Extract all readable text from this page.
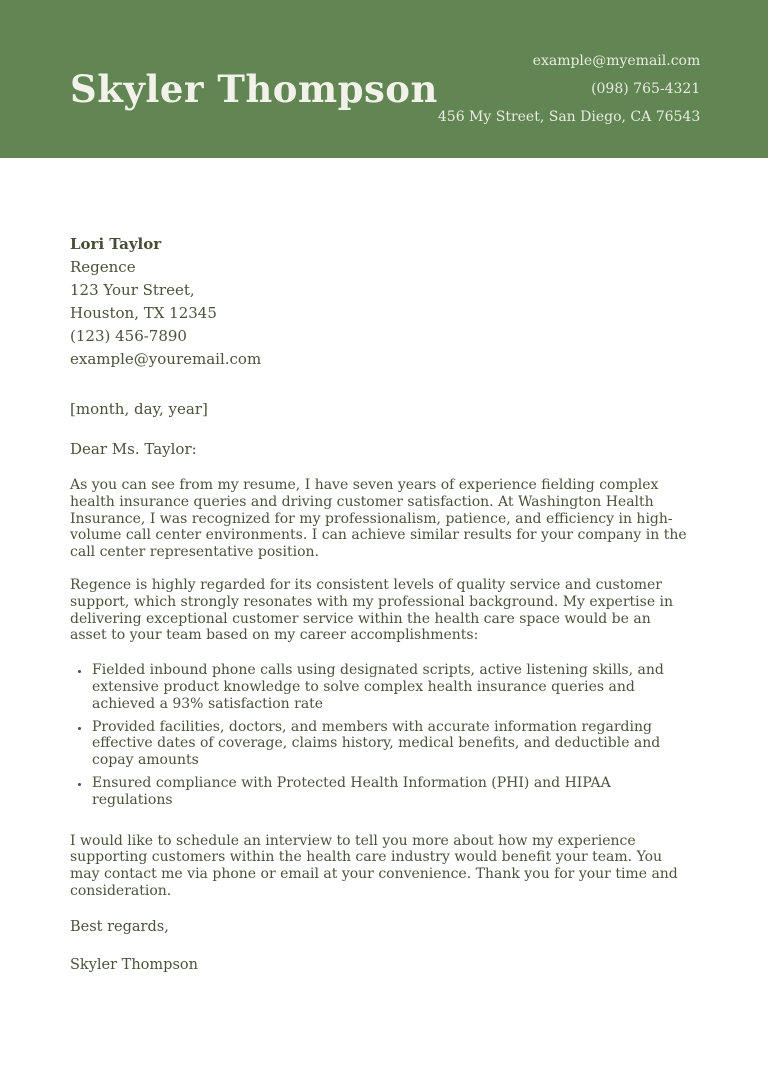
Skyler Thompson
example@myemail.com
(098) 765-4321
456 My Street, San Diego, CA 76543
Lori Taylor
Regence
123 Your Street,
Houston, TX 12345
(123) 456-7890
example@youremail.com
[month, day, year]
Dear Ms. Taylor:

As you can see from my resume, I have seven years of experience fielding complex health insurance queries and driving customer satisfaction. At Washington Health Insurance, I was recognized for my professionalism, patience, and efficiency in high-volume call center environments. I can achieve similar results for your company in the call center representative position.

Regence is highly regarded for its consistent levels of quality service and customer support, which strongly resonates with my professional background. My expertise in delivering exceptional customer service within the health care space would be an asset to your team based on my career accomplishments:

• Fielded inbound phone calls using designated scripts, active listening skills, and extensive product knowledge to solve complex health insurance queries and achieved a 93% satisfaction rate
• Provided facilities, doctors, and members with accurate information regarding effective dates of coverage, claims history, medical benefits, and deductible and copay amounts
• Ensured compliance with Protected Health Information (PHI) and HIPAA regulations

I would like to schedule an interview to tell you more about how my experience supporting customers within the health care industry would benefit your team. You may contact me via phone or email at your convenience. Thank you for your time and consideration.

Best regards,
Skyler Thompson
